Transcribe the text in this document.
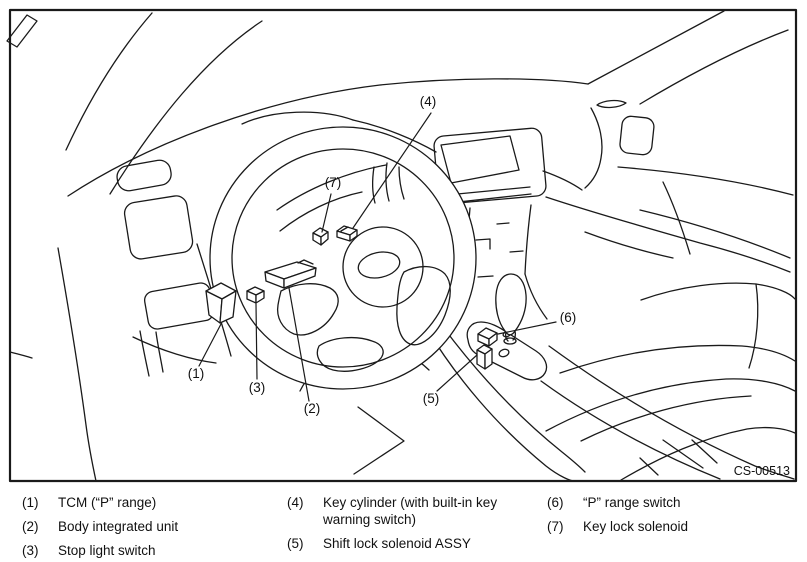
(4)
(7)
(1)
(3)
(2)
(6)
(5)
CS-00513
(1)	TCM (“P” range)
(2)	Body integrated unit
(3)	Stop light switch
(4)	Key cylinder (with built-in key warning switch)
(5)	Shift lock solenoid ASSY
(6)	“P” range switch
(7)	Key lock solenoid
